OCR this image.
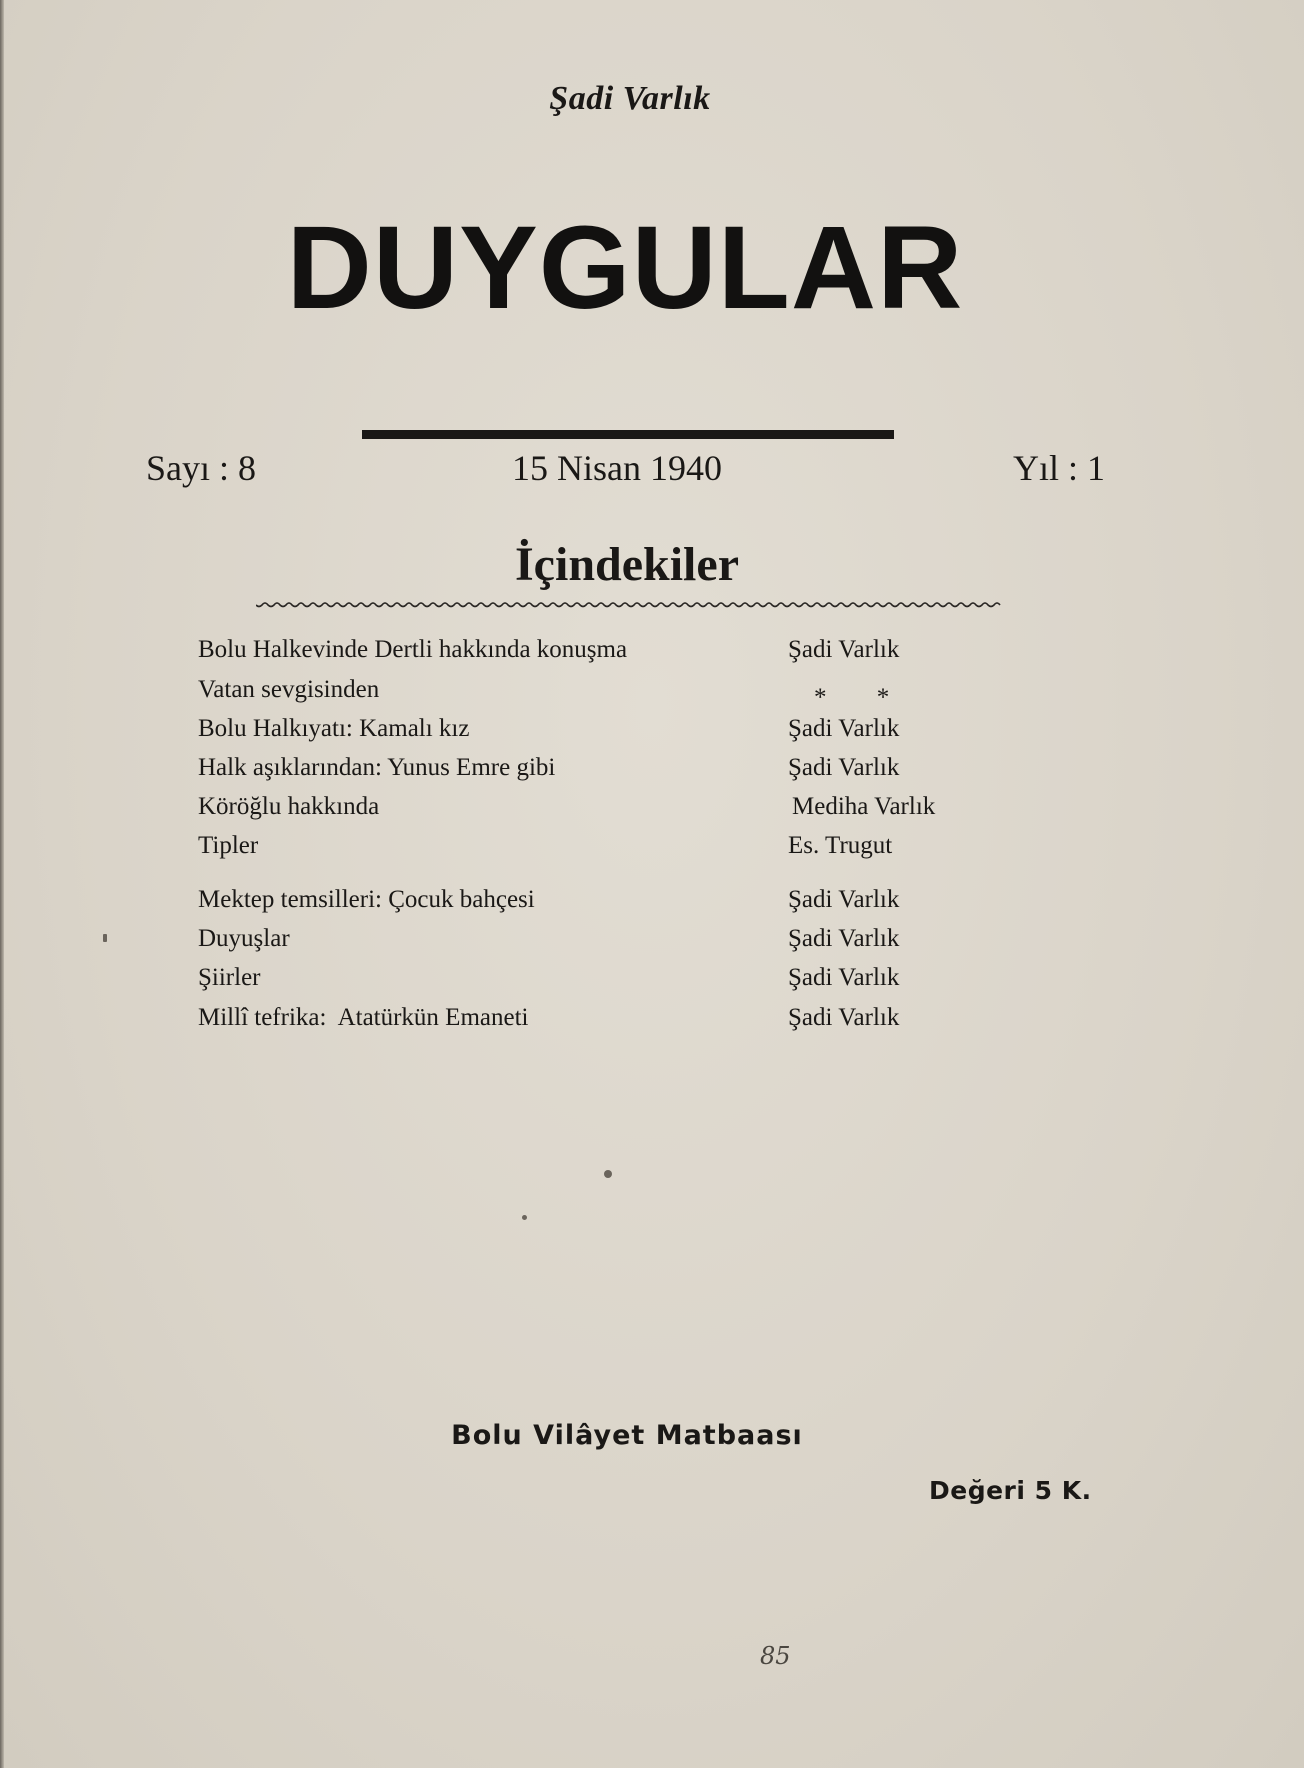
Şadi Varlık
DUYGULAR
Sayı : 8	15 Nisan 1940	Yıl : 1
İçindekiler
Bolu Halkevinde Dertli hakkında konuşma	Şadi Varlık
Vatan sevgisinden	* *
Bolu Halkıyatı: Kamalı kız	Şadi Varlık
Halk aşıklarından: Yunus Emre gibi	Şadi Varlık
Köröğlu hakkında	Mediha Varlık
Tipler	Es. Trugut
Mektep temsilleri: Çocuk bahçesi	Şadi Varlık
Duyuşlar	Şadi Varlık
Şiirler	Şadi Varlık
Millî tefrika:  Atatürkün Emaneti	Şadi Varlık
Bolu Vilâyet Matbaası
Değeri 5 K.
85
